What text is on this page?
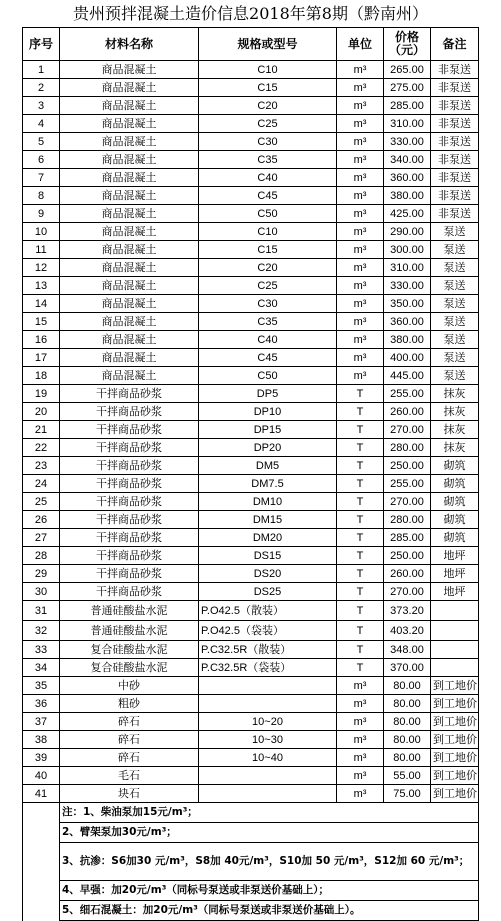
贵州预拌混凝土造价信息2018年第8期（黔南州）
序号	材料名称	规格或型号	单位	价格（元）	备注
1	商品混凝土	C10	m³	265.00	非泵送
2	商品混凝土	C15	m³	275.00	非泵送
3	商品混凝土	C20	m³	285.00	非泵送
4	商品混凝土	C25	m³	310.00	非泵送
5	商品混凝土	C30	m³	330.00	非泵送
6	商品混凝土	C35	m³	340.00	非泵送
7	商品混凝土	C40	m³	360.00	非泵送
8	商品混凝土	C45	m³	380.00	非泵送
9	商品混凝土	C50	m³	425.00	非泵送
10	商品混凝土	C10	m³	290.00	泵送
11	商品混凝土	C15	m³	300.00	泵送
12	商品混凝土	C20	m³	310.00	泵送
13	商品混凝土	C25	m³	330.00	泵送
14	商品混凝土	C30	m³	350.00	泵送
15	商品混凝土	C35	m³	360.00	泵送
16	商品混凝土	C40	m³	380.00	泵送
17	商品混凝土	C45	m³	400.00	泵送
18	商品混凝土	C50	m³	445.00	泵送
19	干拌商品砂浆	DP5	T	255.00	抹灰
20	干拌商品砂浆	DP10	T	260.00	抹灰
21	干拌商品砂浆	DP15	T	270.00	抹灰
22	干拌商品砂浆	DP20	T	280.00	抹灰
23	干拌商品砂浆	DM5	T	250.00	砌筑
24	干拌商品砂浆	DM7.5	T	255.00	砌筑
25	干拌商品砂浆	DM10	T	270.00	砌筑
26	干拌商品砂浆	DM15	T	280.00	砌筑
27	干拌商品砂浆	DM20	T	285.00	砌筑
28	干拌商品砂浆	DS15	T	250.00	地坪
29	干拌商品砂浆	DS20	T	260.00	地坪
30	干拌商品砂浆	DS25	T	270.00	地坪
31	普通硅酸盐水泥	P.O42.5（散装）	T	373.20	
32	普通硅酸盐水泥	P.O42.5（袋装）	T	403.20	
33	复合硅酸盐水泥	P.C32.5R（散装）	T	348.00	
34	复合硅酸盐水泥	P.C32.5R（袋装）	T	370.00	
35	中砂		m³	80.00	到工地价
36	粗砂		m³	80.00	到工地价
37	碎石	10~20	m³	80.00	到工地价
38	碎石	10~30	m³	80.00	到工地价
39	碎石	10~40	m³	80.00	到工地价
40	毛石		m³	55.00	到工地价
41	块石		m³	75.00	到工地价
	注：1、柴油泵加15元/m³；				
	2、臂架泵加30元/m³；				
	3、抗渗：S6加30 元/m³，S8加 40元/m³，S10加 50 元/m³，S12加 60 元/m³；				
	4、早强：加20元/m³（同标号泵送或非泵送价基础上）；				
	5、细石混凝土：加20元/m³（同标号泵送或非泵送价基础上）。				
